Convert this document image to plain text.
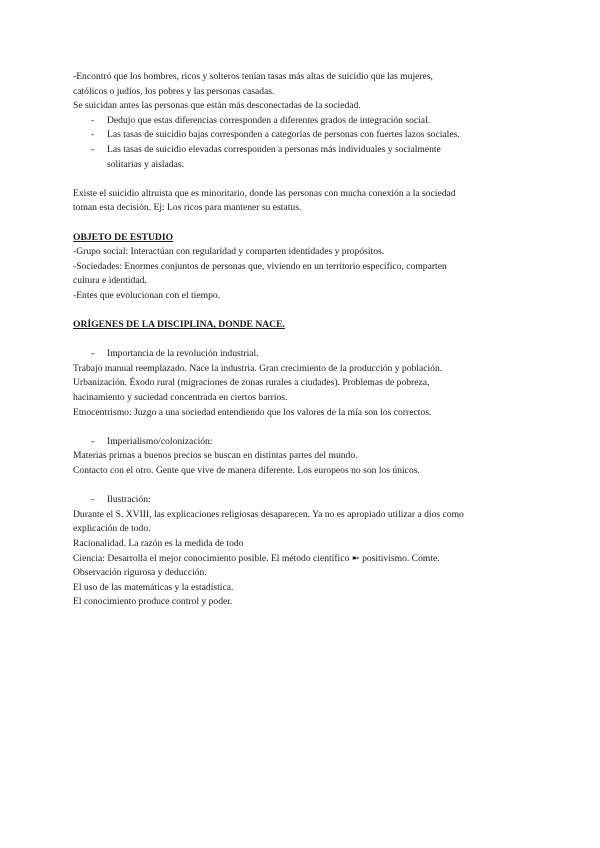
-Encontró que los hombres, ricos y solteros tenían tasas más altas de suicidio que las mujeres,
católicos o judíos, los pobres y las personas casadas.
Se suicidan antes las personas que están más desconectadas de la sociedad.
- Dedujo que estas diferencias corresponden a diferentes grados de integración social.
- Las tasas de suicidio bajas corresponden a categorías de personas con fuertes lazos sociales.
- Las tasas de suicidio elevadas corresponden a personas más individuales y socialmente
solitarias y aisladas.
Existe el suicidio altruista que es minoritario, donde las personas con mucha conexión a la sociedad
toman esta decisión. Ej: Los ricos para mantener su estatus.
OBJETO DE ESTUDIO
-Grupo social: Interactúan con regularidad y comparten identidades y propósitos.
-Sociedades: Enormes conjuntos de personas que, viviendo en un territorio específico, comparten
cultura e identidad.
-Entes que evolucionan con el tiempo.
ORÍGENES DE LA DISCIPLINA, DONDE NACE.
- Importancia de la revolución industrial.
Trabajo manual reemplazado. Nace la industria. Gran crecimiento de la producción y población.
Urbanización. Éxodo rural (migraciones de zonas rurales a ciudades). Problemas de pobreza,
hacinamiento y suciedad concentrada en ciertos barrios.
Etnocentrismo: Juzgo a una sociedad entendiendo que los valores de la mía son los correctos.
- Imperialismo/colonización:
Materias primas a buenos precios se buscan en distintas partes del mundo.
Contacto con el otro. Gente que vive de manera diferente. Los europeos no son los únicos.
- Ilustración:
Durante el S. XVIII, las explicaciones religiosas desaparecen. Ya no es apropiado utilizar a dios como
explicación de todo.
Racionalidad. La razón es la medida de todo
Ciencia: Desarrolla el mejor conocimiento posible. El método científico ➼ positivismo. Comte.
Observación rigurosa y deducción.
El uso de las matemáticas y la estadística.
El conocimiento produce control y poder.
